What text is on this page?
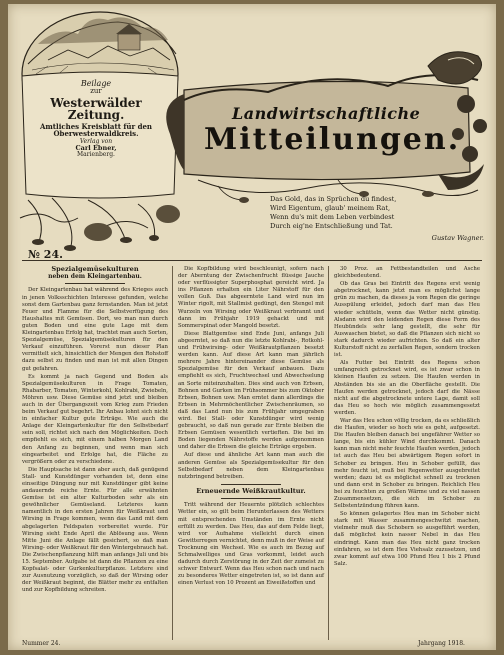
Beilage
zur
Westerwälder Zeitung.
Amtliches Kreisblatt für den
Oberwesterwaldkreis.
Verlag von
Carl Ebner,
Marienberg.
Landwirtschaftliche
Mitteilungen.
Das Gold, das in Sprüchen du findest,
Wird Eigentum, glaub' meinem Rat,
Wenn du's mit dem Leben verbindest
Durch eig'ne Entschließung und Tat.
Gustav Wagner.
№ 24.

Spezialgemüsekulturen
neben dem Kleingartenbau.

Der Kleingartenbau hat während des Krieges auch in jenen Volksschichten Interesse gefunden, welche sonst dem Gartenbau ganz fernstanden. Man ist jetzt Feuer und Flamme für die Selbstverfügung des Haushaltes mit Gemüsen. Dort, wo man nun durch guten Boden und eine gute Lage mit dem Kleingartenbau Erfolg hat, trachtet man auch Sorten, Spezialgemüse, Spezialgemüsekulturen für den Verkauf einzuführen. Vorerst nun dieser Plan vermittelt sich, hinsichtlich der Mengen den Rohstoff dazu selbst zu finden und man ist mit allen Dingen gut gefahren.

Es kommt ja nach Gegend und Boden als Spezialgemüsekulturen in Frage Tomaten, Rhabarber, Tomaten, Winterkohl, Kohlrabi, Zwiebeln, Möhren usw. Diese Gemüse sind jetzt und bleiben auch in der Übergangszeit vom Krieg zum Frieden beim Verkauf gut begehrt. Ihr Anbau lohnt sich nicht in einfacher Kultur gute Erträge. Wie auch die Anlage der Kleingartenkultur für den Selbstbedarf sein soll, richtet sich nach den Möglichkeiten. Doch empfiehlt es sich, mit einem halben Morgen Land den Anfang zu beginnen, und wenn man sich eingearbeitet und Erfolge hat, die Fläche zu vergrößern oder zu verschiedene.

Die Hauptsache ist dann aber auch, daß genügend Stall- und Kunstdünger vorhanden ist, denn eine einseitige Düngung nur mit Kunstdünger gibt keine andauernde reiche Ernte. Für alle erwähnten Gemüse ist ein alter Kulturboden sehr als ein gewöhnlicher Gemüseland. Letzteres kann namentlich in den ersten Jahren für Weißkraut und Wirsing in Frage kommen, wenn das Land mit dem abgelagerten Feldspaten vorbereitet wurde. Für Wirsing sieht Ende April die Ablösung aus. Wenn Mitte Juni die Anlage fällt gesichert, so daß man Wirsing- oder Weißkraut für den Wintergebrauch hat. Die Zwischenpflanzung hilft man anfangs Juli und bis 15. September. Aufgabe ist dann die Pflanzen zu eine Kopfsalat- oder Gurkenkulturpflanze. Letztere sind zur Ausnutzung vorzüglich, so daß der Wirsing oder der Weißkraut beginnt, die Blätter mehr zu entfalten und zur Kopfbildung schreiten.

Die Kopfbildung wird beschleunigt, sofern nach der Aberntung der Zwischenfrucht flüssige Jauche oder verflüssigter Superphosphat gereicht wird. Ja ins Pflanzen erhalten ein Liter Nährstoff für den vollen Guß. Das abgeerntete Land wird nun im Winter rigolt, mit Stallmist gedüngt, den Stengel mit Wurzeln von Wirsing oder Weißkraut verbrannt und dann im Frühjahr 1919 gehackt und mit Sommerspinat oder Mangold besetzt.

Diese Blattgemüse sind Ende Juni, anfangs Juli abgeerntet, so daß nun die letzte Kohlrabi-, Rotkohl- und Frühwirsing- oder Weißkrautpflanzen besetzt werden kann. Auf diese Art kann man jährlich mehrere Jahre hintereinander diese Gemüse als Spezialgemüse für den Verkauf anbauen. Dazu empfiehlt es sich, Fruchtwechsel und Abwechselung an Sorte miteinzuhalten. Dies sind auch von Erbsen, Bohnen und Gurken im Frühsommer bis zum Oktober Erbsen, Bohnen usw. Man erntet dann allerdings die Erbsen in Mehrmöchentlicher Zwischenräumen, so daß das Land nun bis zum Frühjahr umgegraben wird. Bei Stall- oder Kunstdünger wird wenig gebraucht, so daß nun gerade zur Ernte bleiben die Erbsen Gemüsen wesentlich vertieften. Die bei im Boden liegenden Nährstoffe werden aufgenommen und daher die Erbsen die gleiche Erträge ergeben.

Auf diese und ähnliche Art kann man auch die anderen Gemüse als Spezialgemüsekultur für den Selbstbedarf neben dem Kleingartenbau nutzbringend betreiben.

Erneuernde Weißkrautkultur.

Tritt während der Heuernte plötzlich schlechtes Wetter ein, so gilt beim Herunterlassen des Wetters mit entsprechenden Umständen im Ernte nicht erfüllt zu werden. Das Heu, das auf dem Felde liegt, wird vor Aufnahme vielleicht durch einen Gewitterregen vernichtet, denn muß in der Weise auf Trocknung ein Wechsel. Wie es auch im Bezug auf Schmalwelliges und Gras vorkommt, leidet auch dadurch durch Zerstörung in der Zeit der zumeist zu schwer Entwurf. Wenn das Heu schon nach und nach zu besonderes Wetter eingetreten ist, so ist dann auf einen Verlust von 10 Prozent an Eiweißstoffen und

30 Proz. an Fettbestandteilen und Asche gleichbedeutend.

Ob das Gras bei Eintritt des Regens erst wenig abgetrocknet, kann jetzt man es möglichst lange grün zu machen, da dieses ja vom Regen die geringe Ausspülung erleidet, jedoch darf man das Heu wieder schütteln, wenn das Wetter nicht günstig. Alsdann wird den leidenden Regen diese Form des Heubündels sehr lang gestellt, die sehr für Auswaschen bietet, so daß die Pflanzen sich nicht so stark dadurch wieder aufrichten. So daß ein alter Kulturstoff nicht zu zerfallen Regen, sondern trocken ist.

Als Futter bei Eintritt des Regens schon umfangreich getrocknet wird, es ist zwar schon in kleinen Haufen zu setzen. Die Haufen werden in Abständen bis sie an die Oberfläche gestellt. Die Haufen werden getrocknet, jedoch darf die Nässe nicht auf die abgetrocknete untere Lage, damit soll das Heu so hoch wie möglich zusammengesetzt werden.

War das Heu schon völlig trocken, da es schließlich die Haufen, wieder so hoch wie es geht, aufgesetzt. Die Haufen bleiben danach bei ungefährer Wetter so lange, bis ein kühler Wind durchkommt. Danach kann man nicht mehr feuchte Haufen werden, jedoch ist auch das Heu bei abwärtigem Regen sofort in Schober zu bringen. Heu in Schober gefüllt, das mehr feucht ist, muß bei Regenwetter ausgebreitet werden; dazu ist es möglichst schnell zu trocknen und dann erst in Schober zu bringen. Reichlich Heu bei zu feuchten zu großen Wärme und zu viel nassen Zusammensetzen, die sich im Schober zu Selbstentzündung führen kann.

So können gelagertes Heu man im Schober nicht stark mit Wasser zusammengeschwitzt machen, vielmehr muß das Schobern so ausgeführt werden, daß möglichst kein nasser Nebel in das Heu eindringt. Kann man das Heu nicht ganz trocken einfahren, so ist dem Heu Viehsalz zuzusetzen, und zwar kommt auf etwa 100 Pfund Heu 1 bis 2 Pfund Salz.

Nummer 24.	Jahrgang 1918.
